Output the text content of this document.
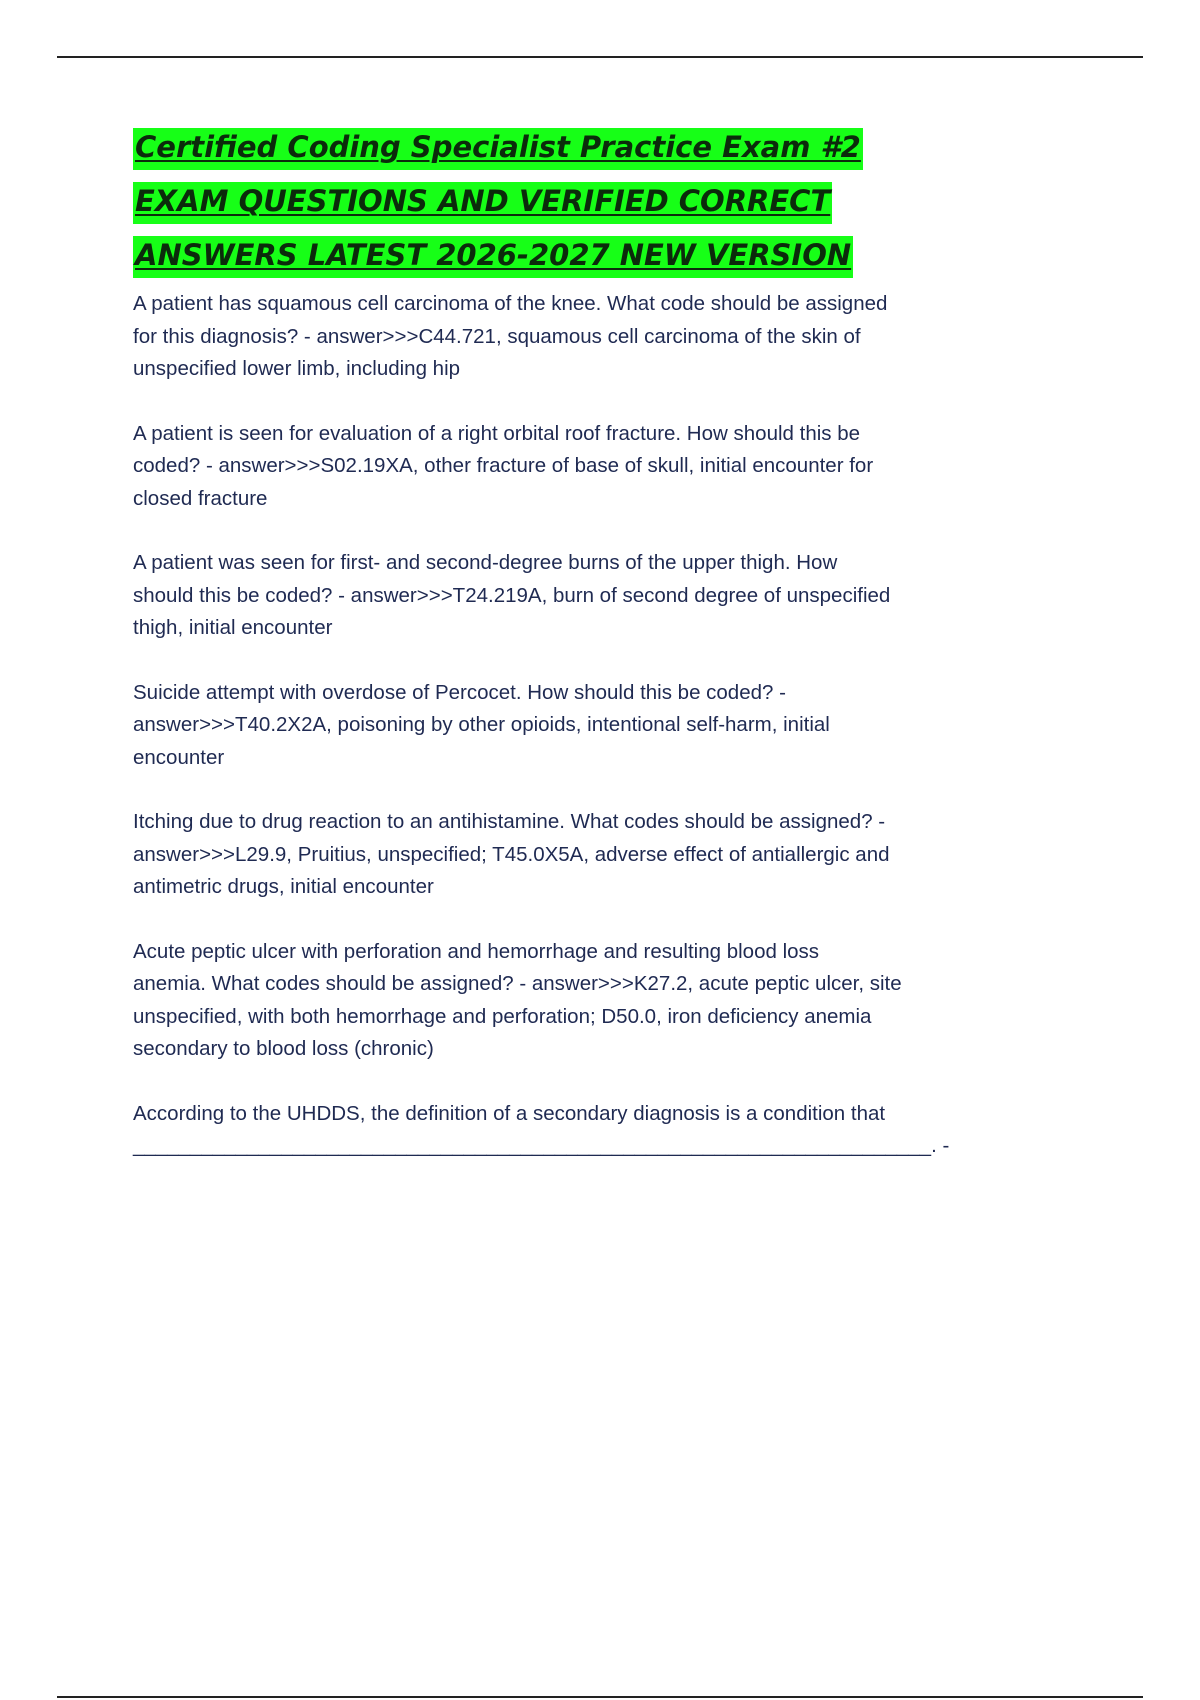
Certified Coding Specialist Practice Exam #2
EXAM QUESTIONS AND VERIFIED CORRECT
ANSWERS LATEST 2026-2027 NEW VERSION

A patient has squamous cell carcinoma of the knee. What code should be assigned
for this diagnosis? - answer>>>C44.721, squamous cell carcinoma of the skin of
unspecified lower limb, including hip

A patient is seen for evaluation of a right orbital roof fracture. How should this be
coded? - answer>>>S02.19XA, other fracture of base of skull, initial encounter for
closed fracture

A patient was seen for first- and second-degree burns of the upper thigh. How
should this be coded? - answer>>>T24.219A, burn of second degree of unspecified
thigh, initial encounter

Suicide attempt with overdose of Percocet. How should this be coded? -
answer>>>T40.2X2A, poisoning by other opioids, intentional self-harm, initial
encounter

Itching due to drug reaction to an antihistamine. What codes should be assigned? -
answer>>>L29.9, Pruitius, unspecified; T45.0X5A, adverse effect of antiallergic and
antimetric drugs, initial encounter

Acute peptic ulcer with perforation and hemorrhage and resulting blood loss
anemia. What codes should be assigned? - answer>>>K27.2, acute peptic ulcer, site
unspecified, with both hemorrhage and perforation; D50.0, iron deficiency anemia
secondary to blood loss (chronic)

According to the UHDDS, the definition of a secondary diagnosis is a condition that
______________________________________________________________________. -
